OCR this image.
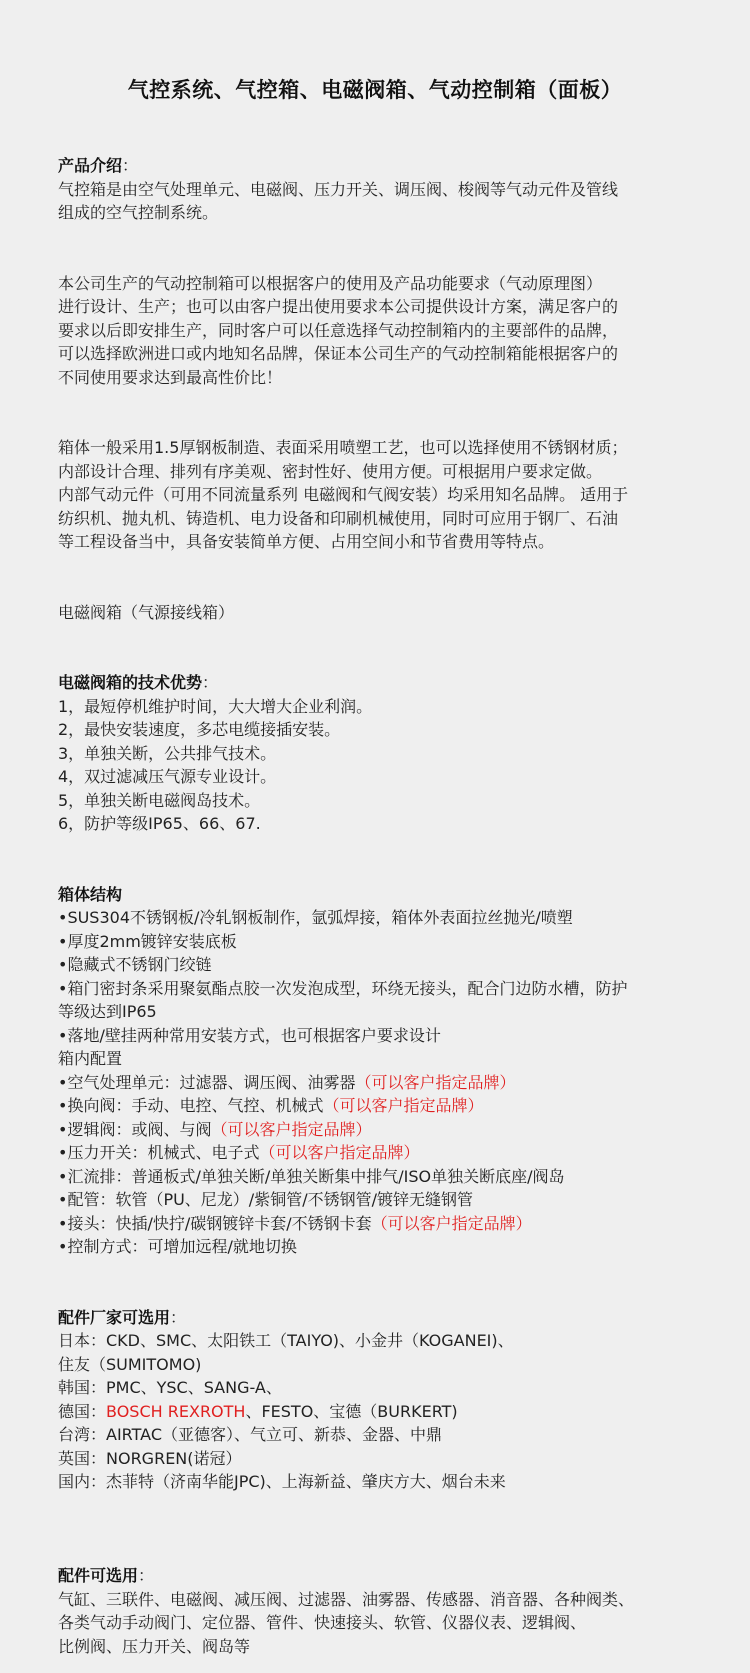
气控系统、气控箱、电磁阀箱、气动控制箱（面板）
产品介绍：
气控箱是由空气处理单元、电磁阀、压力开关、调压阀、梭阀等气动元件及管线
组成的空气控制系统。
本公司生产的气动控制箱可以根据客户的使用及产品功能要求（气动原理图）
进行设计、生产；也可以由客户提出使用要求本公司提供设计方案，满足客户的
要求以后即安排生产，同时客户可以任意选择气动控制箱内的主要部件的品牌，
可以选择欧洲进口或内地知名品牌，保证本公司生产的气动控制箱能根据客户的
不同使用要求达到最高性价比！
箱体一般采用1.5厚钢板制造、表面采用喷塑工艺，也可以选择使用不锈钢材质；
内部设计合理、排列有序美观、密封性好、使用方便。可根据用户要求定做。
内部气动元件（可用不同流量系列 电磁阀和气阀安装）均采用知名品牌。 适用于
纺织机、抛丸机、铸造机、电力设备和印刷机械使用，同时可应用于钢厂、石油
等工程设备当中，具备安装简单方便、占用空间小和节省费用等特点。
电磁阀箱（气源接线箱）
电磁阀箱的技术优势：
1，最短停机维护时间，大大增大企业利润。
2，最快安装速度，多芯电缆接插安装。
3，单独关断，公共排气技术。
4，双过滤减压气源专业设计。
5，单独关断电磁阀岛技术。
6，防护等级IP65、66、67.
箱体结构
•SUS304不锈钢板/冷轧钢板制作，氩弧焊接，箱体外表面拉丝抛光/喷塑
•厚度2mm镀锌安装底板
•隐藏式不锈钢门绞链
•箱门密封条采用聚氨酯点胶一次发泡成型，环绕无接头，配合门边防水槽，防护
等级达到IP65
•落地/壁挂两种常用安装方式，也可根据客户要求设计
箱内配置
•空气处理单元：过滤器、调压阀、油雾器（可以客户指定品牌）
•换向阀：手动、电控、气控、机械式（可以客户指定品牌）
•逻辑阀：或阀、与阀（可以客户指定品牌）
•压力开关：机械式、电子式（可以客户指定品牌）
•汇流排：普通板式/单独关断/单独关断集中排气/ISO单独关断底座/阀岛
•配管：软管（PU、尼龙）/紫铜管/不锈钢管/镀锌无缝钢管
•接头：快插/快拧/碳钢镀锌卡套/不锈钢卡套（可以客户指定品牌）
•控制方式：可增加远程/就地切换
配件厂家可选用：
日本：CKD、SMC、太阳铁工（TAIYO)、小金井（KOGANEI)、
住友（SUMITOMO)
韩国：PMC、YSC、SANG-A、
德国：BOSCH REXROTH、FESTO、宝德（BURKERT)
台湾：AIRTAC（亚德客）、气立可、新恭、金器、中鼎
英国：NORGREN(诺冠）
国内：杰菲特（济南华能JPC)、上海新益、肇庆方大、烟台未来
配件可选用：
气缸、三联件、电磁阀、减压阀、过滤器、油雾器、传感器、消音器、各种阀类、
各类气动手动阀门、定位器、管件、快速接头、软管、仪器仪表、逻辑阀、
比例阀、压力开关、阀岛等
